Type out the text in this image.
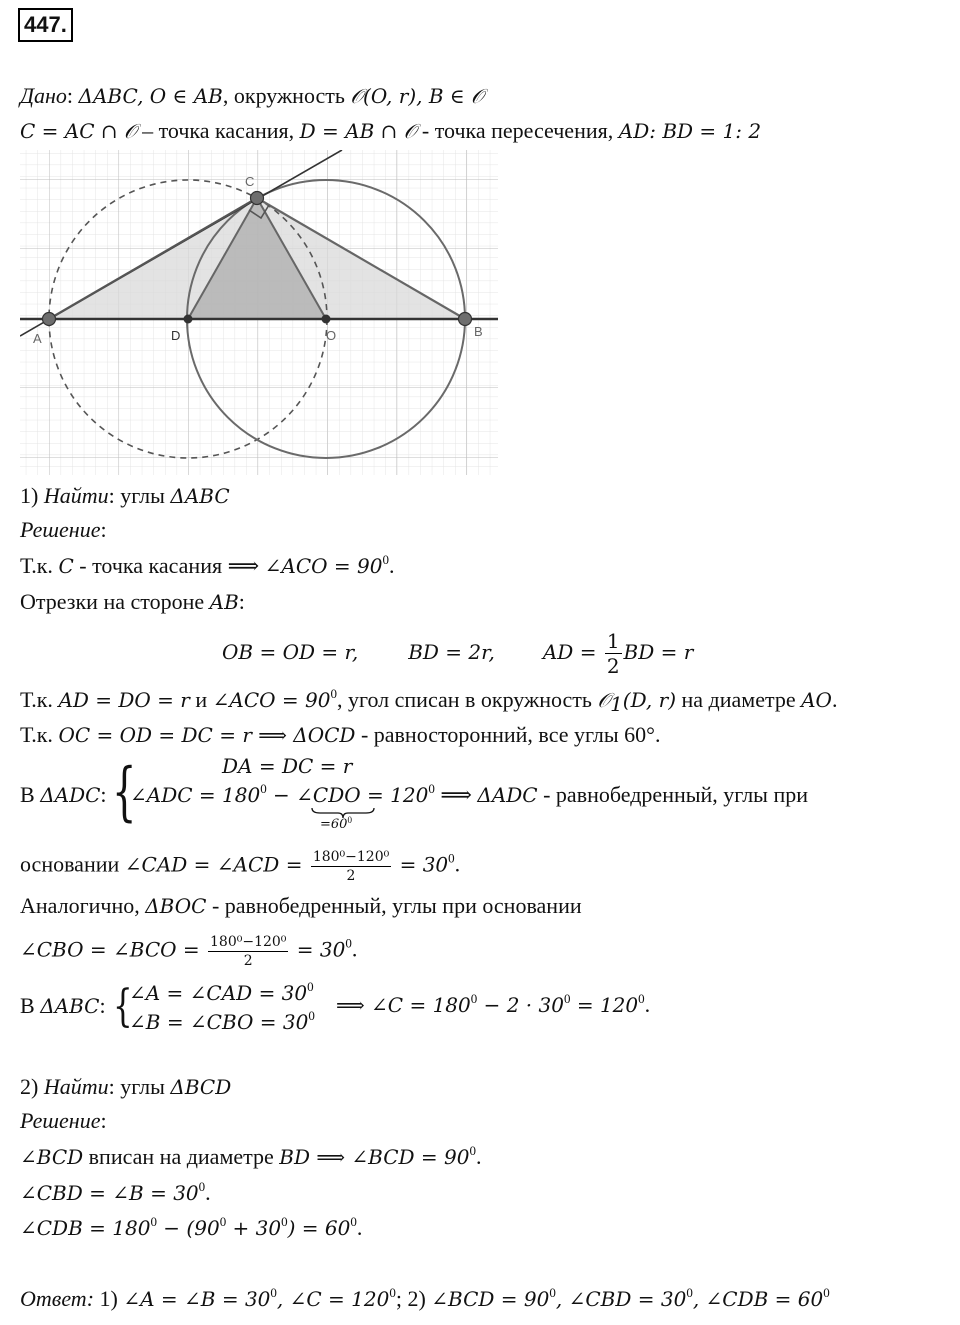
447.
Дано: ΔABC, O ∈ AB, окружность 𝒪(O, r), B ∈ 𝒪
C = AC ∩ 𝒪 – точка касания, D = AB ∩ 𝒪 - точка пересечения, AD: BD = 1: 2
A	B
C
D	O
1) Найти: углы ΔABC
Решение:
Т.к. C - точка касания ⟹ ∠ACO = $90^0$.
Отрезки на стороне AB:
OB = OD = r,	BD = 2r, AD = $\frac{1}{2}$ BD = r
Т.к. AD = DO = r и ∠ACO = $90^0$, угол списан в окружность 𝒪$_1$(D, r) на диаметре AO.
Т.к. OC = OD = DC = r ⟹ ΔOCD - равносторонний, все углы 60°.
В ΔADC: {	DA = DC = r
∠ADC = $180^0$ − ∠CDO = $120^0$ ⟹ ΔADC - равнобедренный, углы при
$=60^0$
основании ∠CAD = ∠ACD = $\frac{\text{180⁰−120⁰}}{2} = 30^0$.
Аналогично, ΔBOC - равнобедренный, углы при основании
∠CBO = ∠BCO = $\frac{\text{180⁰−120⁰}}{2} = 30^0$.
В ΔABC: {
∠A = ∠CAD = $30^0$
∠B = ∠CBO = $30^0$ ⟹ ∠C = $180^0 - 2 \cdot 30^0 = 120^0$.
2) Найти: углы ΔBCD
Решение:
∠BCD вписан на диаметре BD ⟹ ∠BCD = $90^0$.
∠CBD = ∠B = $30^0$.
∠CDB = $180^0 - (90^0 + 30^0) = 60^0$.
Ответ: 1) ∠A = ∠B = $30^0$, ∠C = $120^0$; 2) ∠BCD = $90^0$, ∠CBD = $30^0$, ∠CDB = $60^0$
